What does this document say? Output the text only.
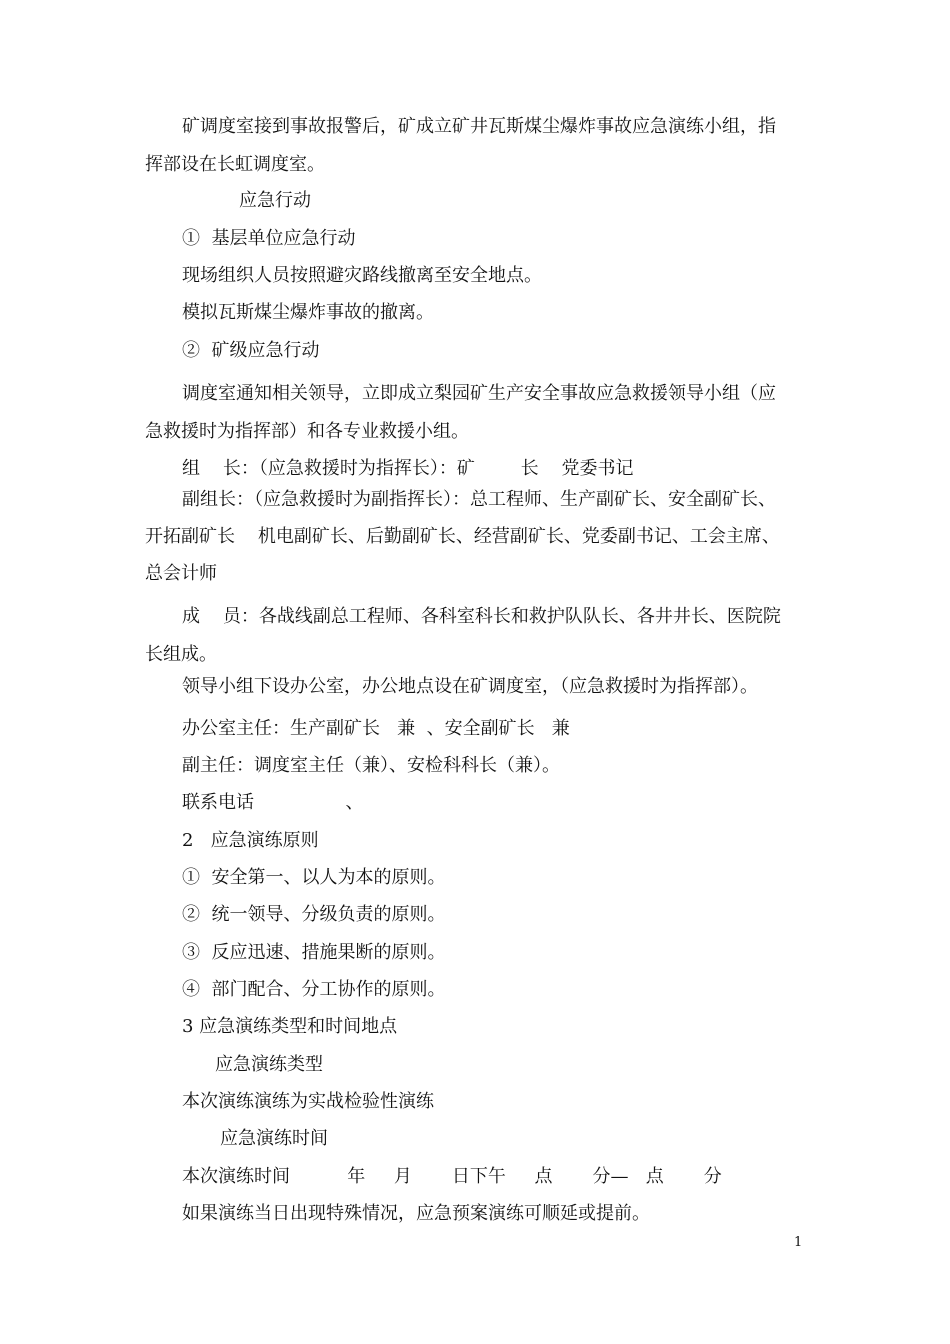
矿调度室接到事故报警后，矿成立矿井瓦斯煤尘爆炸事故应急演练小组，指
挥部设在长虹调度室。
应急行动
①  基层单位应急行动
现场组织人员按照避灾路线撤离至安全地点。
模拟瓦斯煤尘爆炸事故的撤离。
②  矿级应急行动
调度室通知相关领导，立即成立梨园矿生产安全事故应急救援领导小组（应
急救援时为指挥部）和各专业救援小组。
组    长：（应急救援时为指挥长）：矿        长    党委书记
副组长：（应急救援时为副指挥长）：总工程师、生产副矿长、安全副矿长、
开拓副矿长    机电副矿长、后勤副矿长、经营副矿长、党委副书记、工会主席、
总会计师
成    员：各战线副总工程师、各科室科长和救护队队长、各井井长、医院院
长组成。
领导小组下设办公室，办公地点设在矿调度室，（应急救援时为指挥部）。
办公室主任：生产副矿长   兼  、安全副矿长   兼
副主任：调度室主任（兼）、安检科科长（兼）。
联系电话                、
2   应急演练原则
①  安全第一、以人为本的原则。
②  统一领导、分级负责的原则。
③  反应迅速、措施果断的原则。
④  部门配合、分工协作的原则。
3 应急演练类型和时间地点
应急演练类型
本次演练演练为实战检验性演练
应急演练时间
本次演练时间          年     月       日下午     点       分—   点       分
如果演练当日出现特殊情况，应急预案演练可顺延或提前。
1
